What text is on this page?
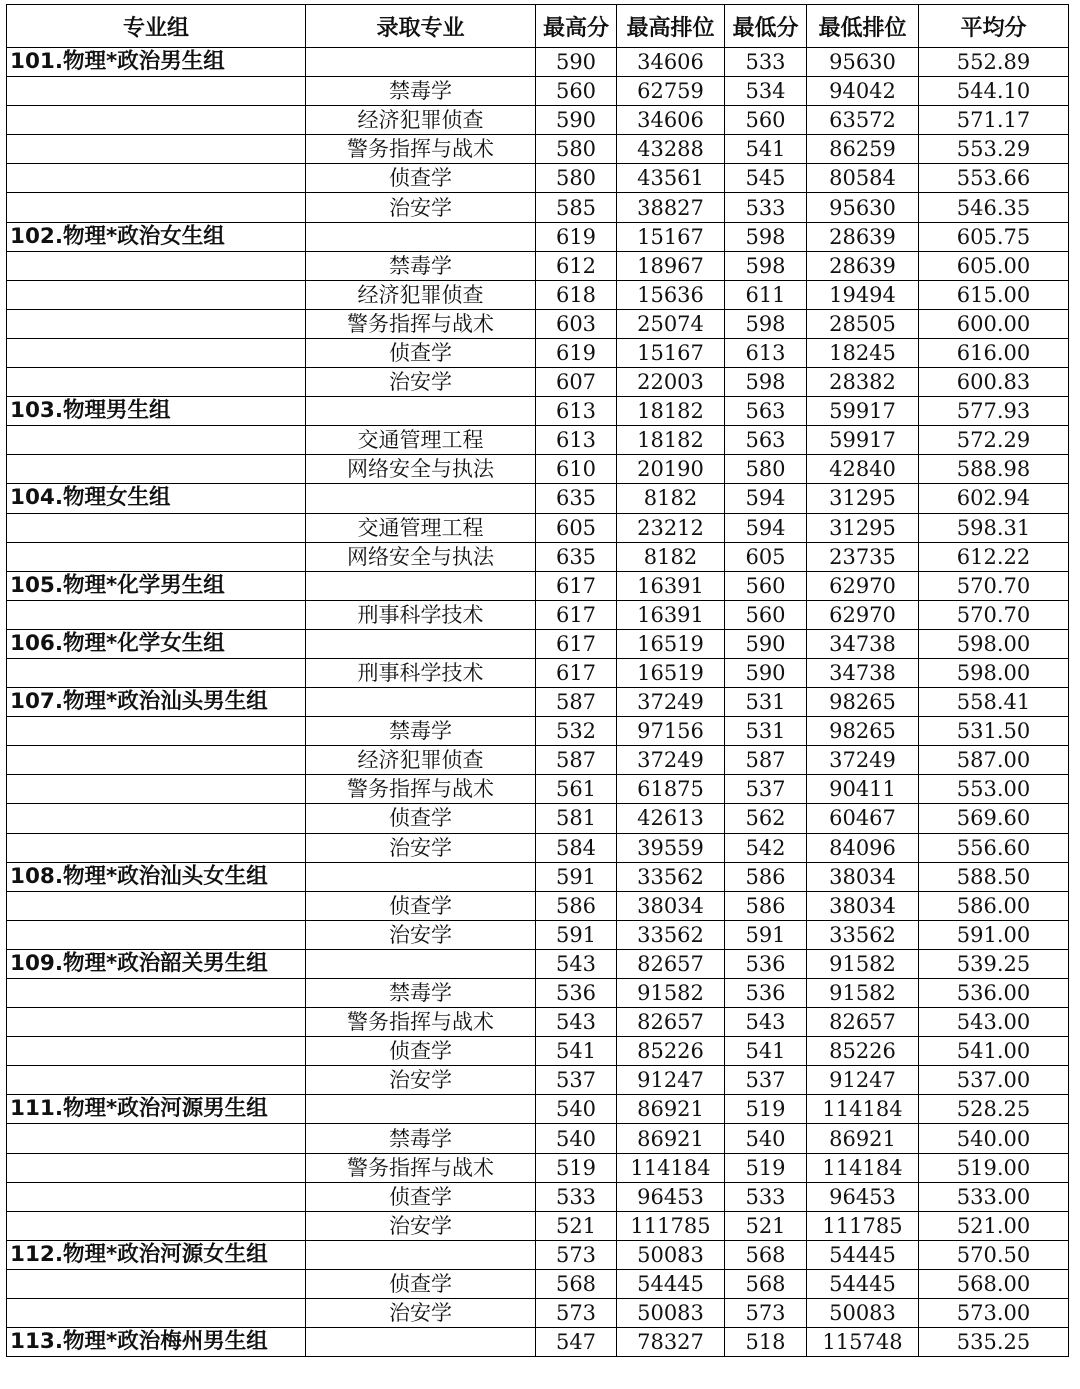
专业组	录取专业	最高分	最高排位	最低分	最低排位	平均分
101.物理*政治男生组		590	34606	533	95630	552.89
	禁毒学	560	62759	534	94042	544.10
	经济犯罪侦查	590	34606	560	63572	571.17
	警务指挥与战术	580	43288	541	86259	553.29
	侦查学	580	43561	545	80584	553.66
	治安学	585	38827	533	95630	546.35
102.物理*政治女生组		619	15167	598	28639	605.75
	禁毒学	612	18967	598	28639	605.00
	经济犯罪侦查	618	15636	611	19494	615.00
	警务指挥与战术	603	25074	598	28505	600.00
	侦查学	619	15167	613	18245	616.00
	治安学	607	22003	598	28382	600.83
103.物理男生组		613	18182	563	59917	577.93
	交通管理工程	613	18182	563	59917	572.29
	网络安全与执法	610	20190	580	42840	588.98
104.物理女生组		635	8182	594	31295	602.94
	交通管理工程	605	23212	594	31295	598.31
	网络安全与执法	635	8182	605	23735	612.22
105.物理*化学男生组		617	16391	560	62970	570.70
	刑事科学技术	617	16391	560	62970	570.70
106.物理*化学女生组		617	16519	590	34738	598.00
	刑事科学技术	617	16519	590	34738	598.00
107.物理*政治汕头男生组		587	37249	531	98265	558.41
	禁毒学	532	97156	531	98265	531.50
	经济犯罪侦查	587	37249	587	37249	587.00
	警务指挥与战术	561	61875	537	90411	553.00
	侦查学	581	42613	562	60467	569.60
	治安学	584	39559	542	84096	556.60
108.物理*政治汕头女生组		591	33562	586	38034	588.50
	侦查学	586	38034	586	38034	586.00
	治安学	591	33562	591	33562	591.00
109.物理*政治韶关男生组		543	82657	536	91582	539.25
	禁毒学	536	91582	536	91582	536.00
	警务指挥与战术	543	82657	543	82657	543.00
	侦查学	541	85226	541	85226	541.00
	治安学	537	91247	537	91247	537.00
111.物理*政治河源男生组		540	86921	519	114184	528.25
	禁毒学	540	86921	540	86921	540.00
	警务指挥与战术	519	114184	519	114184	519.00
	侦查学	533	96453	533	96453	533.00
	治安学	521	111785	521	111785	521.00
112.物理*政治河源女生组		573	50083	568	54445	570.50
	侦查学	568	54445	568	54445	568.00
	治安学	573	50083	573	50083	573.00
113.物理*政治梅州男生组		547	78327	518	115748	535.25
